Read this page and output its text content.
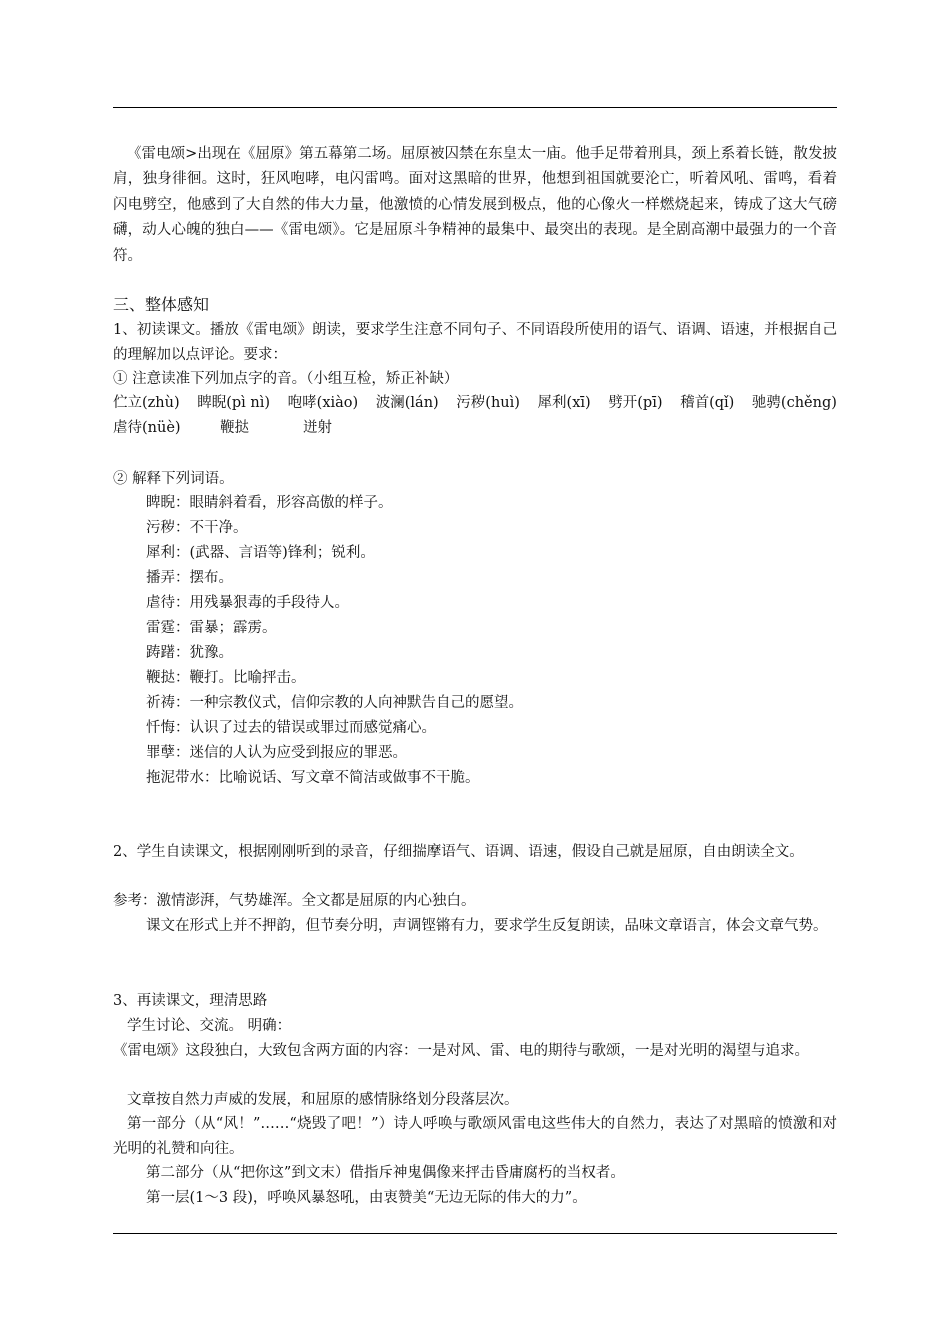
《雷电颂>出现在《屈原》第五幕第二场。屈原被囚禁在东皇太一庙。他手足带着刑具，颈上系着长链，散发披肩，独身徘徊。这时，狂风咆哮，电闪雷鸣。面对这黑暗的世界，他想到祖国就要沦亡，听着风吼、雷鸣，看着闪电劈空，他感到了大自然的伟大力量，他激愤的心情发展到极点，他的心像火一样燃烧起来，铸成了这大气磅礴，动人心魄的独白——《雷电颂》。它是屈原斗争精神的最集中、最突出的表现。是全剧高潮中最强力的一个音符。
三、整体感知
1、初读课文。播放《雷电颂》朗读，要求学生注意不同句子、不同语段所使用的语气、语调、语速，并根据自己的理解加以点评论。要求：
① 注意读准下列加点字的音。（小组互检，矫正补缺）
伫立(zhù) 睥睨(pì nì) 咆哮(xiào) 波澜(lán) 污秽(huì) 犀利(xī) 劈开(pī) 稽首(qǐ) 驰骋(chěng)
虐待(nüè)	鞭挞	迸射
② 解释下列词语。
睥睨：眼睛斜着看，形容高傲的样子。
污秽：不干净。
犀利：(武器、言语等)锋利；锐利。
播弄：摆布。
虐待：用残暴狠毒的手段待人。
雷霆：雷暴；霹雳。
踌躇：犹豫。
鞭挞：鞭打。比喻抨击。
祈祷：一种宗教仪式，信仰宗教的人向神默告自己的愿望。
忏悔：认识了过去的错误或罪过而感觉痛心。
罪孽：迷信的人认为应受到报应的罪恶。
拖泥带水：比喻说话、写文章不简洁或做事不干脆。
2、学生自读课文，根据刚刚听到的录音，仔细揣摩语气、语调、语速，假设自己就是屈原，自由朗读全文。
参考：激情澎湃，气势雄浑。全文都是屈原的内心独白。
课文在形式上并不押韵，但节奏分明，声调铿锵有力，要求学生反复朗读，品味文章语言，体会文章气势。
3、再读课文，理清思路
学生讨论、交流。 明确：
《雷电颂》这段独白，大致包含两方面的内容：一是对风、雷、电的期待与歌颂，一是对光明的渴望与追求。
文章按自然力声威的发展，和屈原的感情脉络划分段落层次。
第一部分（从“风！”……“烧毁了吧！”）诗人呼唤与歌颂风雷电这些伟大的自然力，表达了对黑暗的愤激和对光明的礼赞和向往。
第二部分（从“把你这”到文末）借指斥神鬼偶像来抨击昏庸腐朽的当权者。
第一层(1～3 段)，呼唤风暴怒吼，由衷赞美“无边无际的伟大的力”。
